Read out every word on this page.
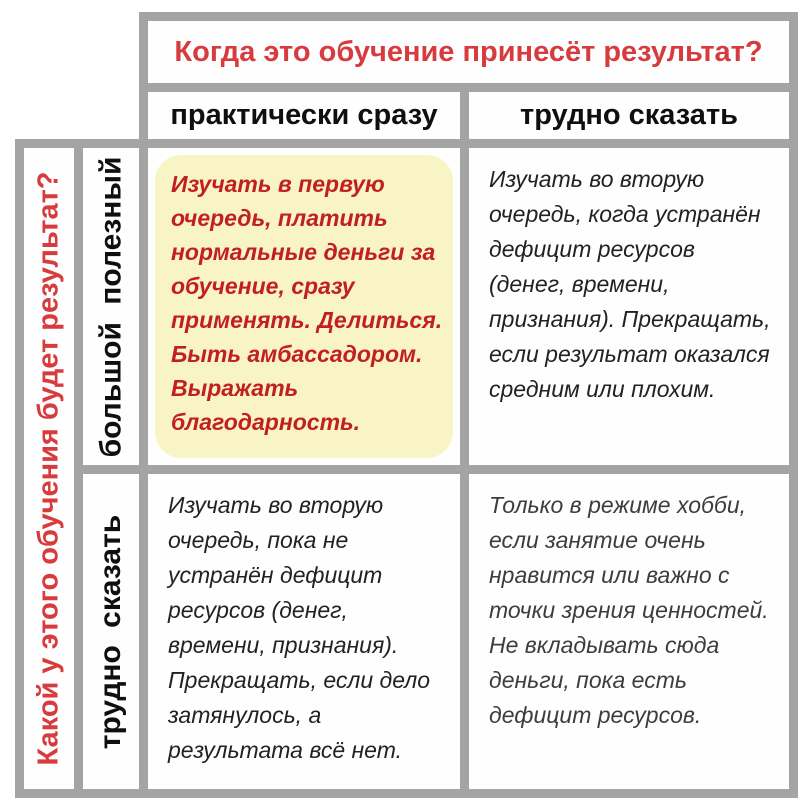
Когда это обучение принесёт результат?
практически сразу	трудно сказать
Какой у этого обучения будет результат? большой полезный
трудно сказать
Изучать в первую очередь, платить нормальные деньги за обучение, сразу применять. Делиться. Быть амбассадором. Выражать благодарность.
Изучать во вторую очередь, когда устранён дефицит ресурсов (денег, времени, признания). Прекращать, если результат оказался средним или плохим.
Изучать во вторую очередь, пока не устранён дефицит ресурсов (денег, времени, признания). Прекращать, если дело затянулось, а результата всё нет.
Только в режиме хобби, если занятие очень нравится или важно с точки зрения ценностей. Не вкладывать сюда деньги, пока есть дефицит ресурсов.
